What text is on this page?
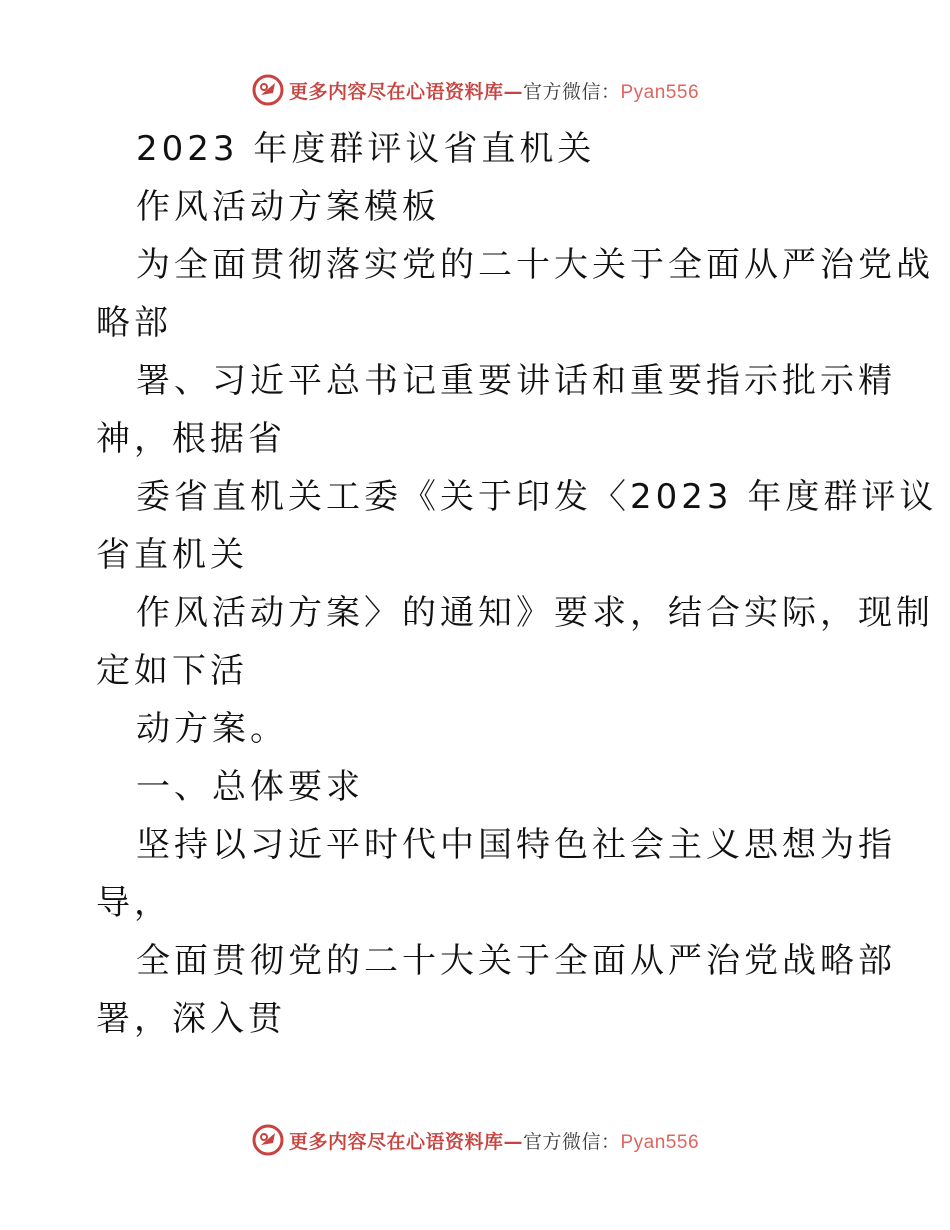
更多内容尽在心语资料库—官方微信：Pyan556
2023 年度群评议省直机关
作风活动方案模板
为全面贯彻落实党的二十大关于全面从严治党战
略部
署、习近平总书记重要讲话和重要指示批示精
神，根据省
委省直机关工委《关于印发〈2023 年度群评议
省直机关
作风活动方案〉的通知》要求，结合实际，现制
定如下活
动方案。
一、总体要求
坚持以习近平时代中国特色社会主义思想为指
导，
全面贯彻党的二十大关于全面从严治党战略部
署，深入贯
更多内容尽在心语资料库—官方微信：Pyan556
